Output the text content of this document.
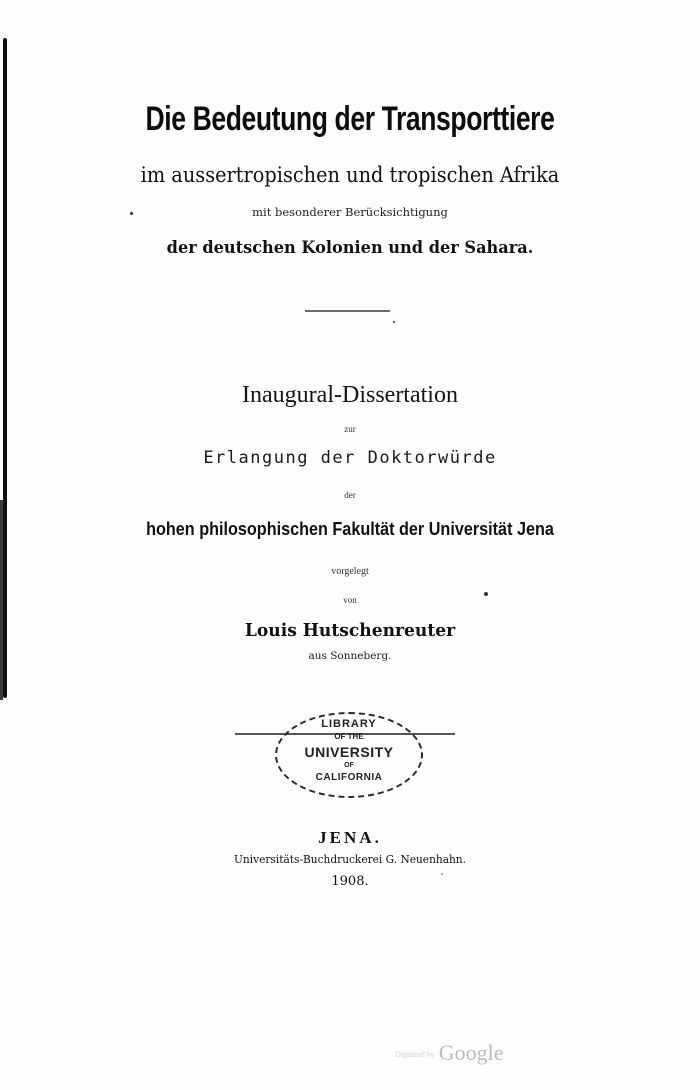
Die Bedeutung der Transporttiere
im aussertropischen und tropischen Afrika
mit besonderer Berücksichtigung
der deutschen Kolonien und der Sahara.
Inaugural-Dissertation
zur
Erlangung der Doktorwürde
der
hohen philosophischen Fakultät der Universität Jena
vorgelegt
von
Louis Hutschenreuter
aus Sonneberg.
LIBRARY
OF THE
UNIVERSITY
OF
CALIFORNIA
JENA.
Universitäts-Buchdruckerei G. Neuenhahn.
1908.
Digitized by Google
